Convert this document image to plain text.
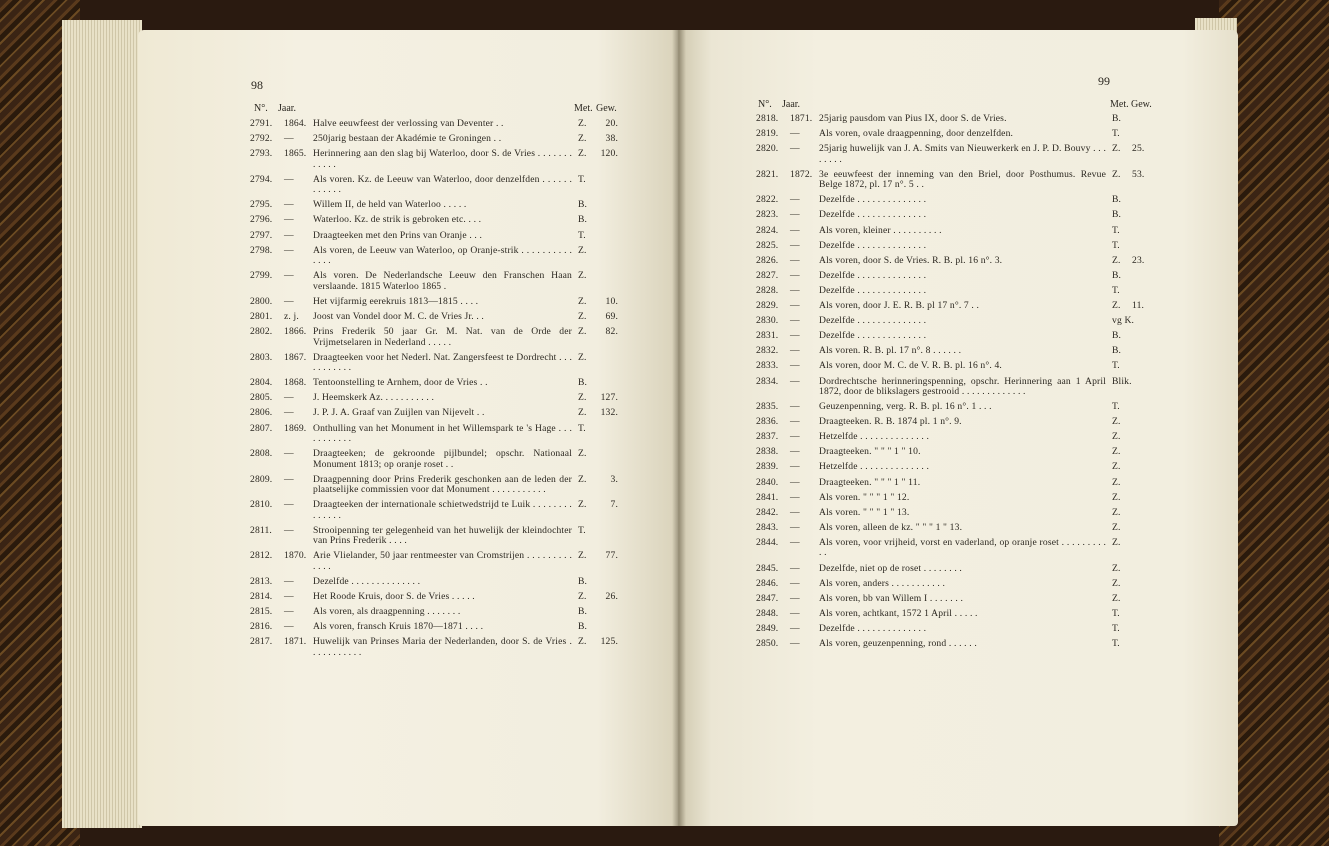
98
N°. Jaar.	Met. Gew.
2791.	1864. Halve eeuwfeest der verlossing van Deventer . .	Z.	20.
2792.	—	250jarig bestaan der Akadémie te Groningen . .	Z.	38.
2793.	1865. Herinnering aan den slag bij Waterloo, door S. de Vries . . . . . . . . . . . .
Z.	120.
2794.	—	Als voren. Kz. de Leeuw van Waterloo, door denzelfden . . . . . . . . . . . .
T.
2795.	—	Willem II, de held van Waterloo . . . . .	B.
2796.	—	Waterloo. Kz. de strik is gebroken etc. . . .	B.
2797.	—	Draagteeken met den Prins van Oranje . . .	T.
2798.	—	Als voren, de Leeuw van Waterloo, op Oranje-strik . . . . . . . . . . . . . .
Z.
2799.	—	Als voren. De Nederlandsche Leeuw den Franschen Haan verslaande. 1815 Waterloo 1865 .
Z.
2800.	—	Het vijfarmig eerekruis 1813—1815 . . . .	Z.	10.
2801.	z. j.	Joost van Vondel door M. C. de Vries Jr. . .	Z.	69.
2802.	1866. Prins Frederik 50 jaar Gr. M. Nat. van de Orde der Vrijmetselaren in Nederland . . . . .
Z.	82.
2803.	1867. Draagteeken voor het Nederl. Nat. Zangersfeest te Dordrecht . . . . . . . . . . .
Z.
2804.	1868. Tentoonstelling te Arnhem, door de Vries . .	B.
2805.	—	J. Heemskerk Az. . . . . . . . . . .	Z.	127.
2806.	—	J. P. J. A. Graaf van Zuijlen van Nijevelt . .	Z.	132.
2807.	1869. Onthulling van het Monument in het Willemspark te 's Hage . . . . . . . . . . .
T.
2808.	—	Draagteeken; de gekroonde pijlbundel; opschr. Nationaal Monument 1813; op oranje roset . .
Z.
2809.	—	Draagpenning door Prins Frederik geschonken aan de leden der plaatselijke commissien voor dat Monument . . . . . . . . . . .
Z.	3.
2810.	—	Draagteeken der internationale schietwedstrijd te Luik . . . . . . . . . . . . . .
Z.	7.
2811.	—	Strooipenning ter gelegenheid van het huwelijk der kleindochter van Prins Frederik . . . .
T.
2812.	1870. Arie Vlielander, 50 jaar rentmeester van Cromstrijen . . . . . . . . . . . . .
Z.	77.
2813.	—	Dezelfde . . . . . . . . . . . . . .	B.
2814.	—	Het Roode Kruis, door S. de Vries . . . . .	Z.	26.
2815.	—	Als voren, als draagpenning . . . . . . .	B.
2816.	—	Als voren, fransch Kruis 1870—1871 . . . .	B.
2817.	1871. Huwelijk van Prinses Maria der Nederlanden, door S. de Vries . . . . . . . . . . .
Z.	125.
99
N°. Jaar.	Met. Gew.
2818.	1871. 25jarig pausdom van Pius IX, door S. de Vries.	B.
2819.	—	Als voren, ovale draagpenning, door denzelfden.	T.
2820.	—	25jarig huwelijk van J. A. Smits van Nieuwerkerk en J. P. D. Bouvy . . . . . . . .
Z.	25.
2821.	1872. 3e eeuwfeest der inneming van den Briel, door Posthumus. Revue Belge 1872, pl. 17 n°. 5 . .
Z.	53.
2822.	—	Dezelfde . . . . . . . . . . . . . .	B.
2823.	—	Dezelfde . . . . . . . . . . . . . .	B.
2824.	—	Als voren, kleiner . . . . . . . . . .	T.
2825.	—	Dezelfde . . . . . . . . . . . . . .	T.
2826.	—	Als voren, door S. de Vries. R. B. pl. 16 n°. 3.	Z.	23.
2827.	—	Dezelfde . . . . . . . . . . . . . .	B.
2828.	—	Dezelfde . . . . . . . . . . . . . .	T.
2829.	—	Als voren, door J. E. R. B. pl 17 n°. 7 . .	Z.	11.
2830.	—	Dezelfde . . . . . . . . . . . . . .	vg K.
2831.	—	Dezelfde . . . . . . . . . . . . . .	B.
2832.	—	Als voren. R. B. pl. 17 n°. 8 . . . . . .	B.
2833.	—	Als voren, door M. C. de V. R. B. pl. 16 n°. 4.	T.
2834.	—	Dordrechtsche herinneringspenning, opschr. Herinnering aan 1 April 1872, door de blikslagers gestrooid . . . . . . . . . . . . .
Blik.
2835.	—	Geuzenpenning, verg. R. B. pl. 16 n°. 1 . . .	T.
2836.	—	Draagteeken. R. B. 1874 pl. 1 n°. 9.	Z.
2837.	—	Hetzelfde . . . . . . . . . . . . . .	Z.
2838.	—	Draagteeken. " " " 1 " 10.	Z.
2839.	—	Hetzelfde . . . . . . . . . . . . . .	Z.
2840.	—	Draagteeken. " " " 1 " 11.	Z.
2841.	—	Als voren. " " " 1 " 12.	Z.
2842.	—	Als voren. " " " 1 " 13.	Z.
2843.	—	Als voren, alleen de kz. " " " 1 " 13.	Z.
2844.	—	Als voren, voor vrijheid, vorst en vaderland, op oranje roset . . . . . . . . . . .
Z.
2845.	—	Dezelfde, niet op de roset . . . . . . . .	Z.
2846.	—	Als voren, anders . . . . . . . . . . .	Z.
2847.	—	Als voren, bb van Willem I . . . . . . .	Z.
2848.	—	Als voren, achtkant, 1572 1 April . . . . .	T.
2849.	—	Dezelfde . . . . . . . . . . . . . .	T.
2850.	—	Als voren, geuzenpenning, rond . . . . . .	T.
